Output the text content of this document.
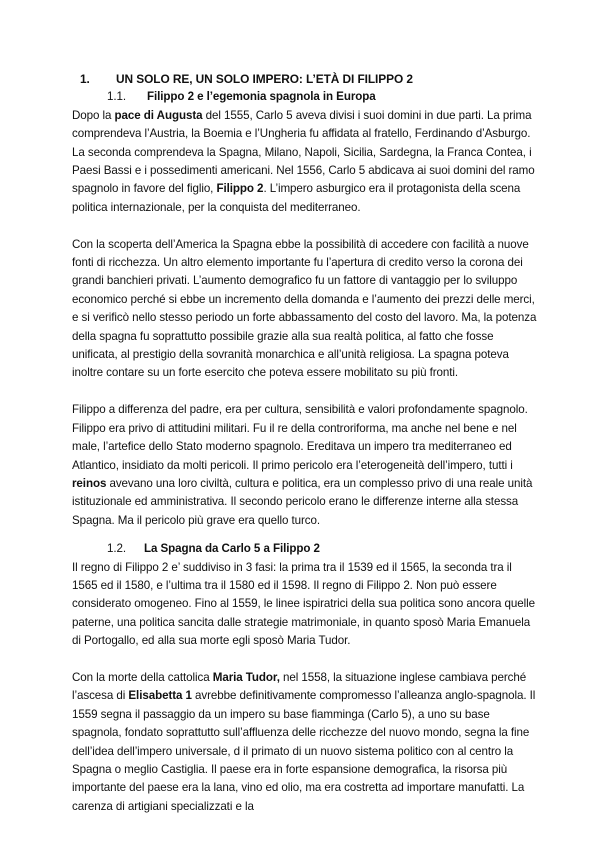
1. UN SOLO RE, UN SOLO IMPERO: L’ETÀ DI FILIPPO 2

1.1. Filippo 2 e l’egemonia spagnola in Europa

Dopo la pace di Augusta del 1555, Carlo 5 aveva divisi i suoi domini in due parti. La prima comprendeva l’Austria, la Boemia e l’Ungheria fu affidata al fratello, Ferdinando d’Asburgo. La seconda comprendeva la Spagna, Milano, Napoli, Sicilia, Sardegna, la Franca Contea, i Paesi Bassi e i possedimenti americani. Nel 1556, Carlo 5 abdicava ai suoi domini del ramo spagnolo in favore del figlio, Filippo 2. L’impero asburgico era il protagonista della scena politica internazionale, per la conquista del mediterraneo.

Con la scoperta dell’America la Spagna ebbe la possibilità di accedere con facilità a nuove fonti di ricchezza. Un altro elemento importante fu l’apertura di credito verso la corona dei grandi banchieri privati. L’aumento demografico fu un fattore di vantaggio per lo sviluppo economico perché si ebbe un incremento della domanda e l’aumento dei prezzi delle merci, e si verificò nello stesso periodo un forte abbassamento del costo del lavoro. Ma, la potenza della spagna fu soprattutto possibile grazie alla sua realtà politica, al fatto che fosse unificata, al prestigio della sovranità monarchica e all’unità religiosa. La spagna poteva inoltre contare su un forte esercito che poteva essere mobilitato su più fronti.

Filippo a differenza del padre, era per cultura, sensibilità e valori profondamente spagnolo. Filippo era privo di attitudini militari. Fu il re della controriforma, ma anche nel bene e nel male, l’artefice dello Stato moderno spagnolo. Ereditava un impero tra mediterraneo ed Atlantico, insidiato da molti pericoli. Il primo pericolo era l’eterogeneità dell’impero, tutti i reinos avevano una loro civiltà, cultura e politica, era un complesso privo di una reale unità istituzionale ed amministrativa. Il secondo pericolo erano le differenze interne alla stessa Spagna. Ma il pericolo più grave era quello turco.

1.2. La Spagna da Carlo 5 a Filippo 2

Il regno di Filippo 2 e’ suddiviso in 3 fasi: la prima tra il 1539 ed il 1565, la seconda tra il 1565 ed il 1580, e l’ultima tra il 1580 ed il 1598. Il regno di Filippo 2. Non può essere considerato omogeneo. Fino al 1559, le linee ispiratrici della sua politica sono ancora quelle paterne, una politica sancita dalle strategie matrimoniale, in quanto sposò Maria Emanuela di Portogallo, ed alla sua morte egli sposò Maria Tudor.

Con la morte della cattolica Maria Tudor, nel 1558, la situazione inglese cambiava perché l’ascesa di Elisabetta 1 avrebbe definitivamente compromesso l’alleanza anglo-spagnola. Il 1559 segna il passaggio da un impero su base fiamminga (Carlo 5), a uno su base spagnola, fondato soprattutto sull’affluenza delle ricchezze del nuovo mondo, segna la fine dell’idea dell’impero universale, d il primato di un nuovo sistema politico con al centro la Spagna o meglio Castiglia. Il paese era in forte espansione demografica, la risorsa più importante del paese era la lana, vino ed olio, ma era costretta ad importare manufatti. La carenza di artigiani specializzati e la
